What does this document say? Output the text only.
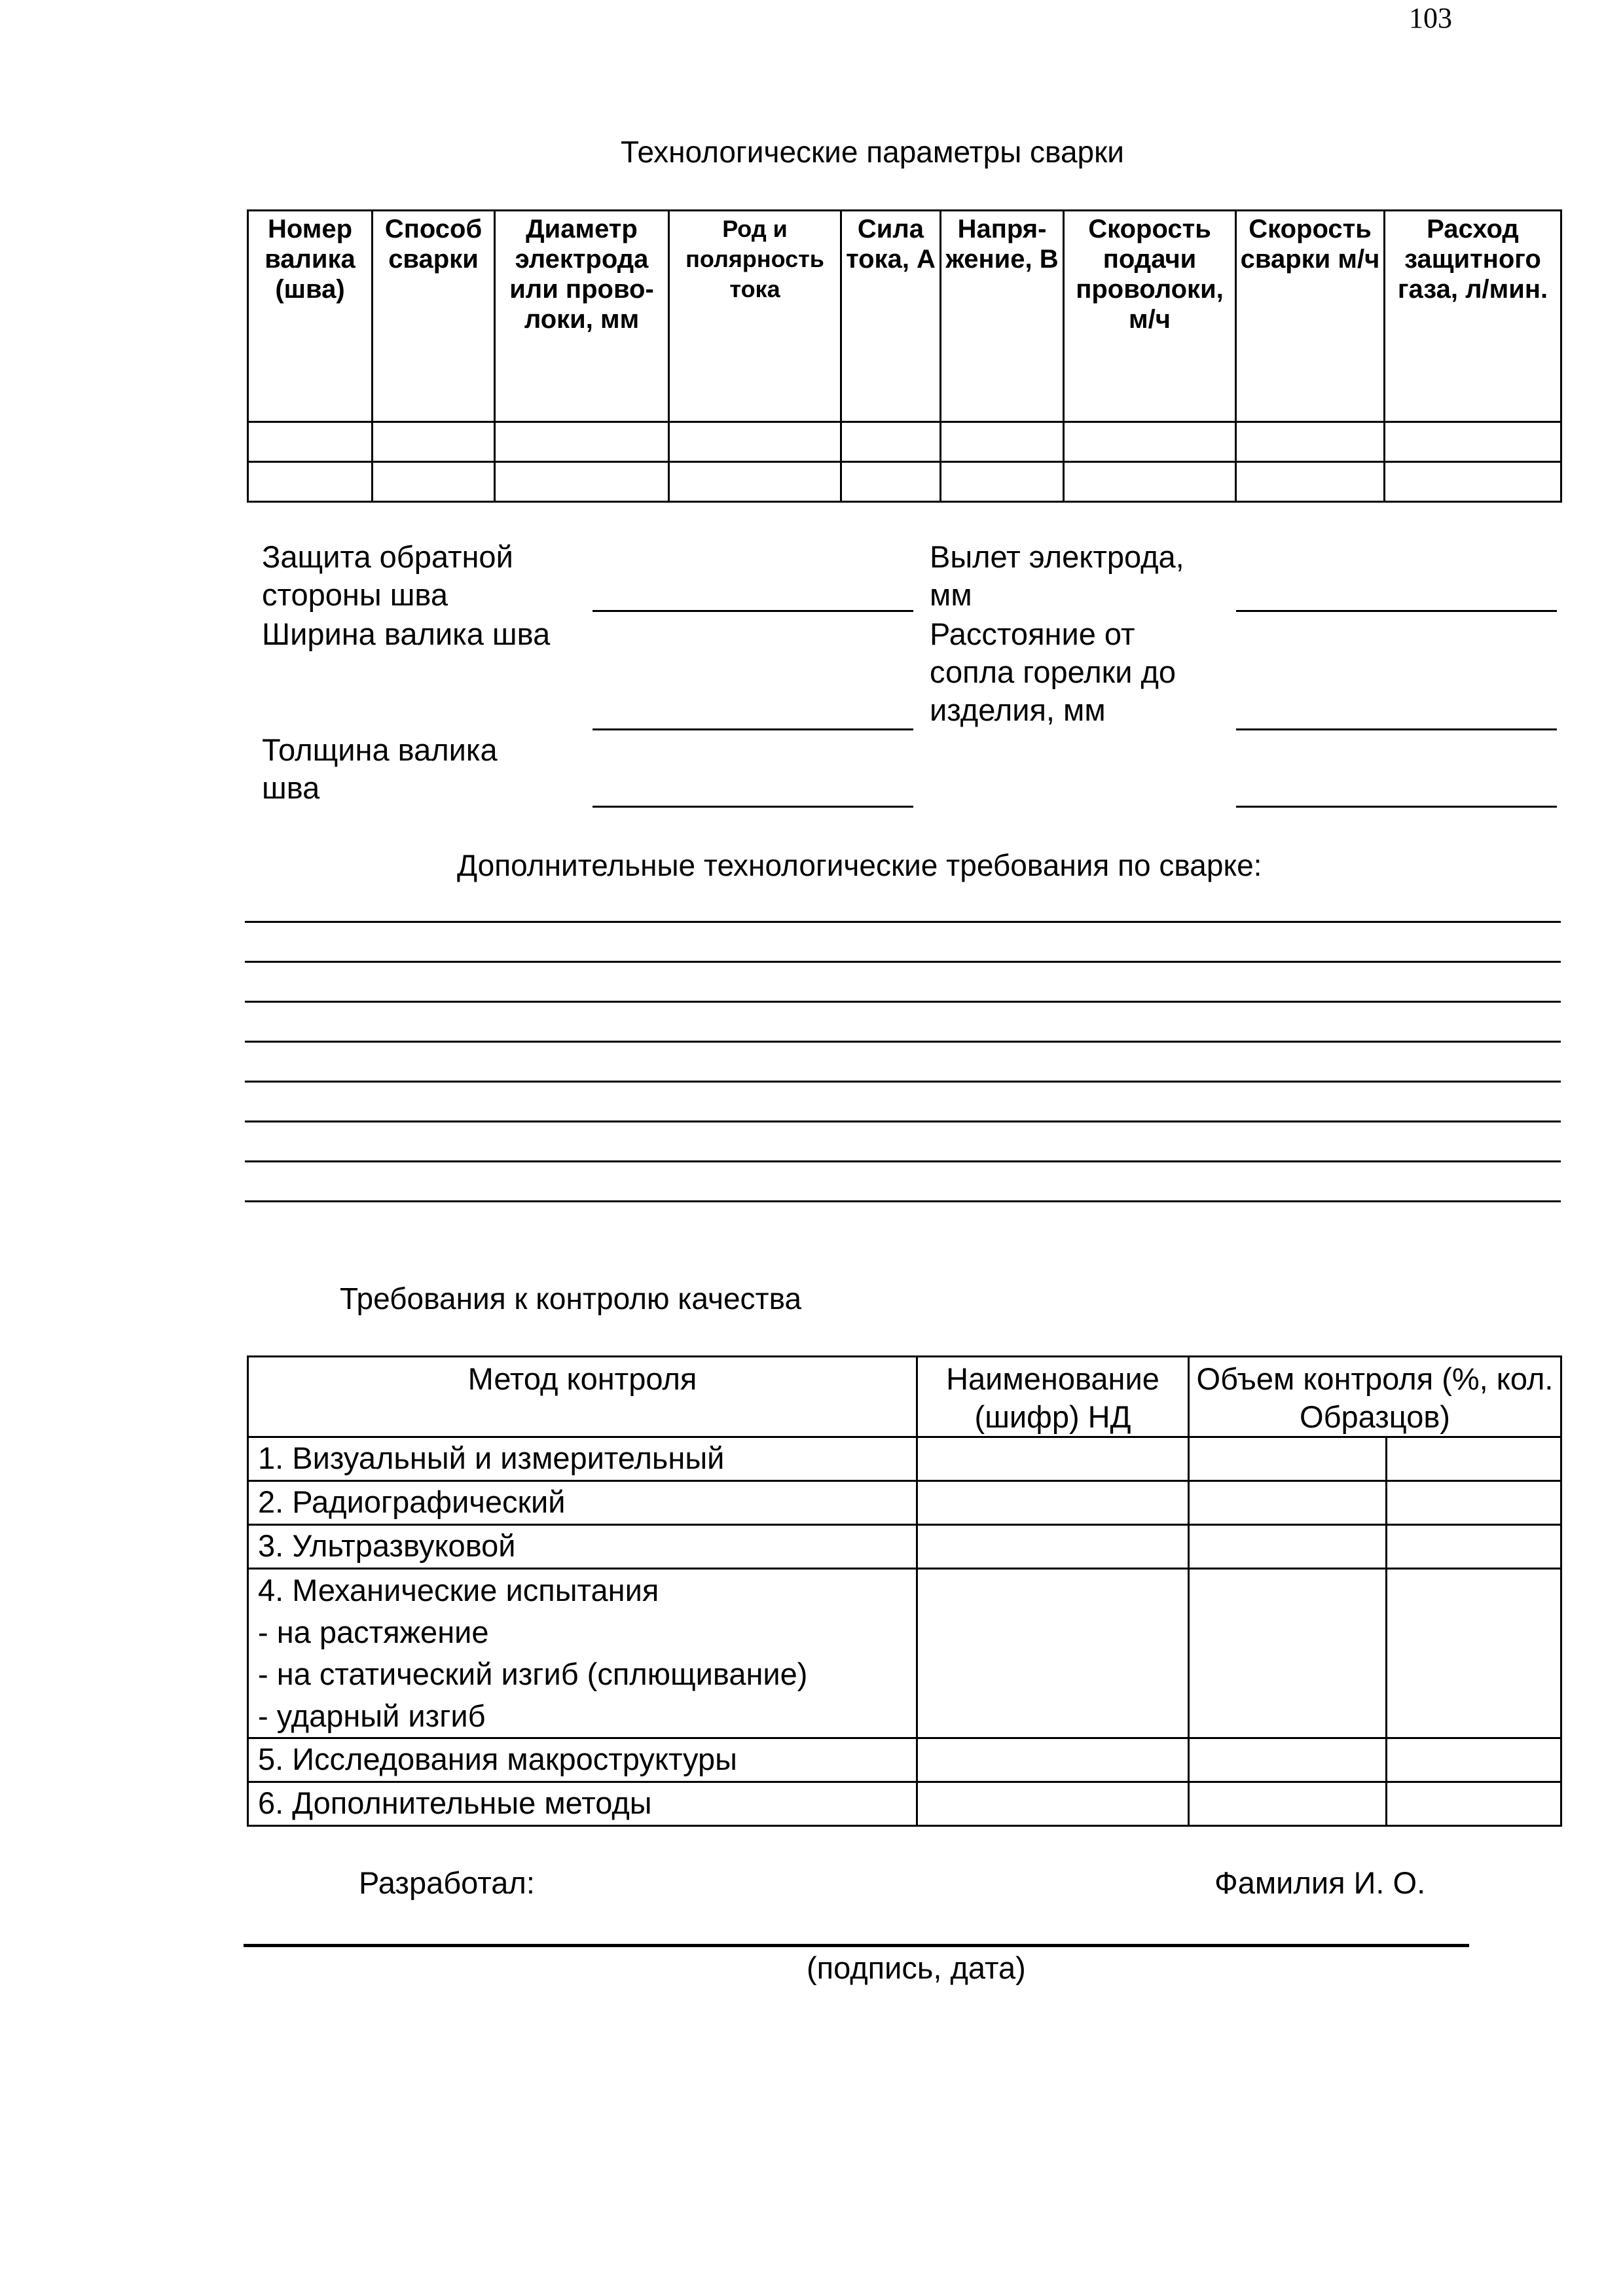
103
Технологические параметры сварки
Номер валика (шва)	Способ сварки	Диаметр электрода или прово-локи, мм	Род и полярность тока	Сила тока, А	Напря-жение, В	Скорость подачи проволоки, м/ч	Скорость сварки м/ч	Расход защитного газа, л/мин.

Защита обратной стороны шва
Ширина валика шва
Толщина валика шва
Вылет электрода, мм
Расстояние от сопла горелки до изделия, мм
Дополнительные технологические требования по сварке:
Требования к контролю качества
Метод контроля	Наименование (шифр) НД	Объем контроля (%, кол. Образцов)	
1. Визуальный и измерительный			
2. Радиографический			
3. Ультразвуковой			

4. Механические испытания
- на растяжение
- на статический изгиб (сплющивание)
- ударный изгиб			

5. Исследования макроструктуры			
6. Дополнительные методы			
Разработал:	Фамилия И. О.
(подпись, дата)
